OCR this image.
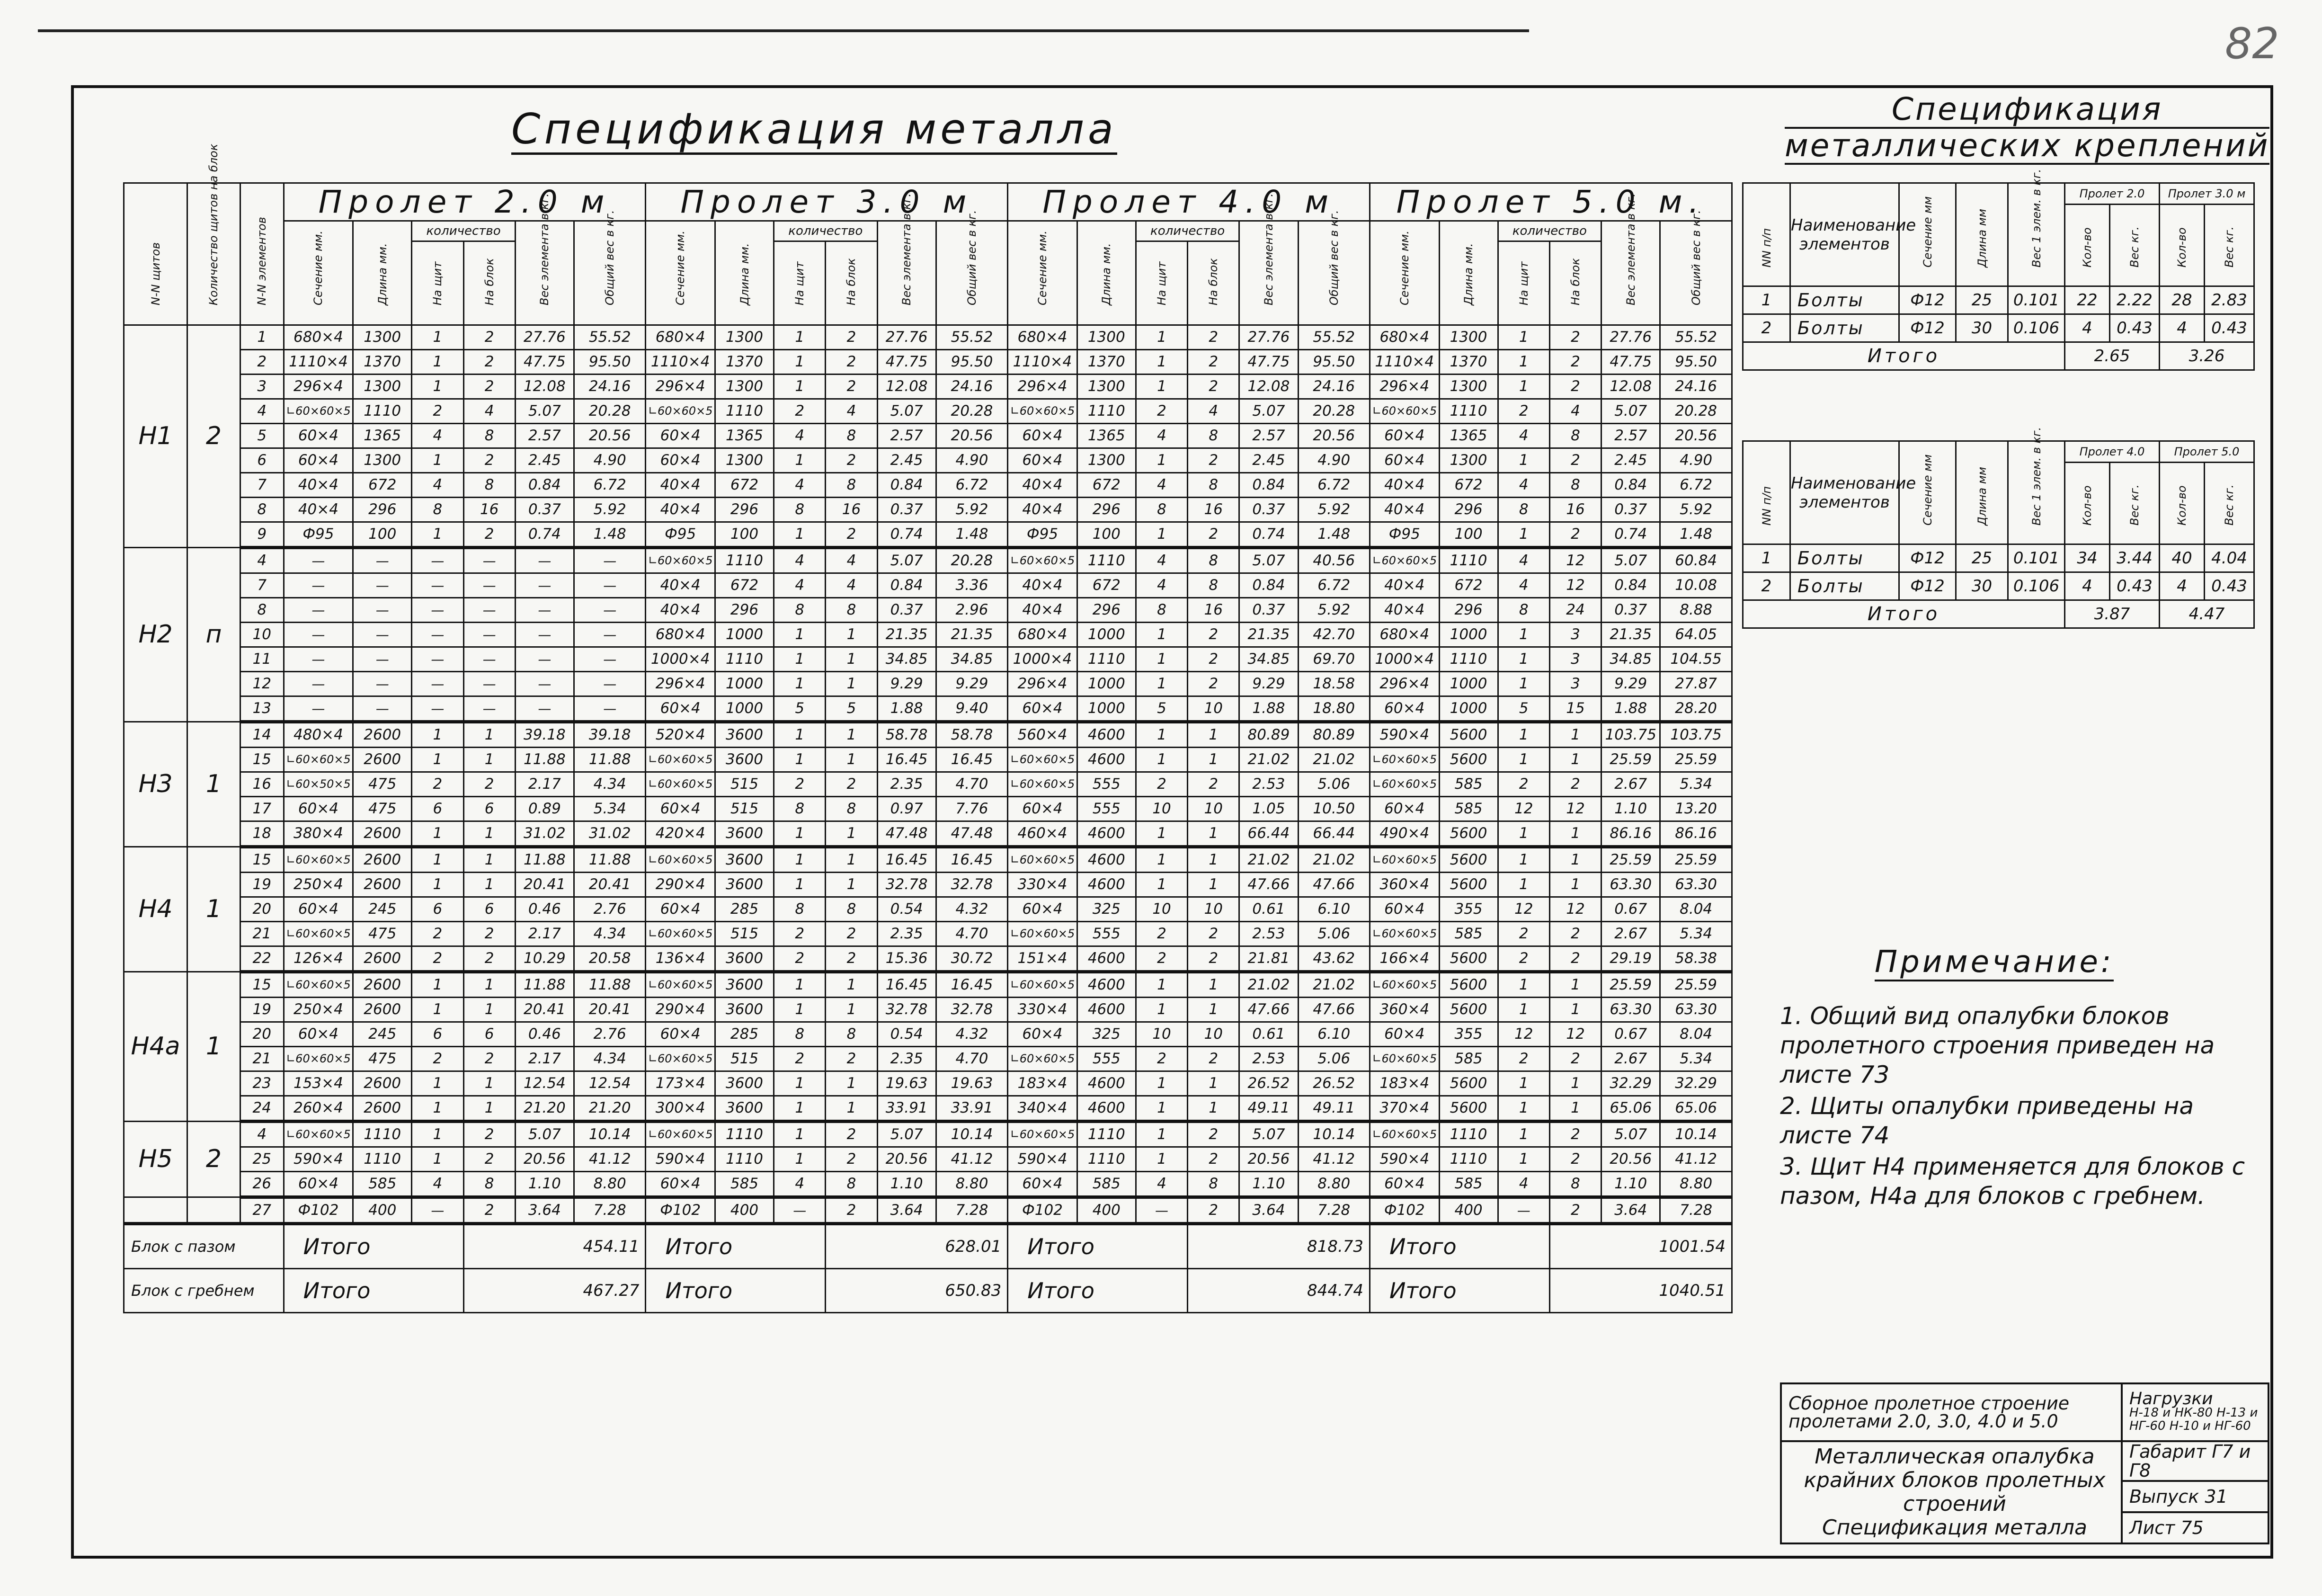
82
Спецификация металла	Спецификация
металлических креплений
N-N щитов	Количество щитов на блок	N-N элементов	Пролет 2.0 м						Пролет 3.0 м						Пролет 4.0 м						Пролет 5.0 м.					

			Сечение мм.	Длина мм.	количество		Вес элемента в кг.	Общий вес в кг.	Сечение мм.	Длина мм.	количество		Вес элемента в кг.	Общий вес в кг.	Сечение мм.	Длина мм.	количество		Вес элемента в кг.	Общий вес в кг.	Сечение мм.	Длина мм.	количество		Вес элемента в кг.	Общий вес в кг.

					На щит	На блок					На щит	На блок					На щит	На блок					На щит	На блок		

Н1	2	1	680×4	1300	1	2	27.76	55.52	680×4	1300	1	2	27.76	55.52	680×4	1300	1	2	27.76	55.52	680×4	1300	1	2	27.76	55.52
		2	1110×4	1370	1	2	47.75	95.50	1110×4	1370	1	2	47.75	95.50	1110×4	1370	1	2	47.75	95.50	1110×4	1370	1	2	47.75	95.50
		3	296×4	1300	1	2	12.08	24.16	296×4	1300	1	2	12.08	24.16	296×4	1300	1	2	12.08	24.16	296×4	1300	1	2	12.08	24.16
		4	∟60×60×5	1110	2	4	5.07	20.28	∟60×60×5	1110	2	4	5.07	20.28	∟60×60×5	1110	2	4	5.07	20.28	∟60×60×5	1110	2	4	5.07	20.28
		5	60×4	1365	4	8	2.57	20.56	60×4	1365	4	8	2.57	20.56	60×4	1365	4	8	2.57	20.56	60×4	1365	4	8	2.57	20.56
		6	60×4	1300	1	2	2.45	4.90	60×4	1300	1	2	2.45	4.90	60×4	1300	1	2	2.45	4.90	60×4	1300	1	2	2.45	4.90
		7	40×4	672	4	8	0.84	6.72	40×4	672	4	8	0.84	6.72	40×4	672	4	8	0.84	6.72	40×4	672	4	8	0.84	6.72
		8	40×4	296	8	16	0.37	5.92	40×4	296	8	16	0.37	5.92	40×4	296	8	16	0.37	5.92	40×4	296	8	16	0.37	5.92
		9	Ф95	100	1	2	0.74	1.48	Ф95	100	1	2	0.74	1.48	Ф95	100	1	2	0.74	1.48	Ф95	100	1	2	0.74	1.48
Н2	п	4	—	—	—	—	—	—	∟60×60×5	1110	4	4	5.07	20.28	∟60×60×5	1110	4	8	5.07	40.56	∟60×60×5	1110	4	12	5.07	60.84
		7	—	—	—	—	—	—	40×4	672	4	4	0.84	3.36	40×4	672	4	8	0.84	6.72	40×4	672	4	12	0.84	10.08
		8	—	—	—	—	—	—	40×4	296	8	8	0.37	2.96	40×4	296	8	16	0.37	5.92	40×4	296	8	24	0.37	8.88
		10	—	—	—	—	—	—	680×4	1000	1	1	21.35	21.35	680×4	1000	1	2	21.35	42.70	680×4	1000	1	3	21.35	64.05
		11	—	—	—	—	—	—	1000×4	1110	1	1	34.85	34.85	1000×4	1110	1	2	34.85	69.70	1000×4	1110	1	3	34.85	104.55
		12	—	—	—	—	—	—	296×4	1000	1	1	9.29	9.29	296×4	1000	1	2	9.29	18.58	296×4	1000	1	3	9.29	27.87
		13	—	—	—	—	—	—	60×4	1000	5	5	1.88	9.40	60×4	1000	5	10	1.88	18.80	60×4	1000	5	15	1.88	28.20
Н3	1	14	480×4	2600	1	1	39.18	39.18	520×4	3600	1	1	58.78	58.78	560×4	4600	1	1	80.89	80.89	590×4	5600	1	1	103.75	103.75
		15	∟60×60×5	2600	1	1	11.88	11.88	∟60×60×5	3600	1	1	16.45	16.45	∟60×60×5	4600	1	1	21.02	21.02	∟60×60×5	5600	1	1	25.59	25.59
		16	∟60×50×5	475	2	2	2.17	4.34	∟60×60×5	515	2	2	2.35	4.70	∟60×60×5	555	2	2	2.53	5.06	∟60×60×5	585	2	2	2.67	5.34
		17	60×4	475	6	6	0.89	5.34	60×4	515	8	8	0.97	7.76	60×4	555	10	10	1.05	10.50	60×4	585	12	12	1.10	13.20
		18	380×4	2600	1	1	31.02	31.02	420×4	3600	1	1	47.48	47.48	460×4	4600	1	1	66.44	66.44	490×4	5600	1	1	86.16	86.16
Н4	1	15	∟60×60×5	2600	1	1	11.88	11.88	∟60×60×5	3600	1	1	16.45	16.45	∟60×60×5	4600	1	1	21.02	21.02	∟60×60×5	5600	1	1	25.59	25.59
		19	250×4	2600	1	1	20.41	20.41	290×4	3600	1	1	32.78	32.78	330×4	4600	1	1	47.66	47.66	360×4	5600	1	1	63.30	63.30
		20	60×4	245	6	6	0.46	2.76	60×4	285	8	8	0.54	4.32	60×4	325	10	10	0.61	6.10	60×4	355	12	12	0.67	8.04
		21	∟60×60×5	475	2	2	2.17	4.34	∟60×60×5	515	2	2	2.35	4.70	∟60×60×5	555	2	2	2.53	5.06	∟60×60×5	585	2	2	2.67	5.34
		22	126×4	2600	2	2	10.29	20.58	136×4	3600	2	2	15.36	30.72	151×4	4600	2	2	21.81	43.62	166×4	5600	2	2	29.19	58.38
Н4а	1	15	∟60×60×5	2600	1	1	11.88	11.88	∟60×60×5	3600	1	1	16.45	16.45	∟60×60×5	4600	1	1	21.02	21.02	∟60×60×5	5600	1	1	25.59	25.59
		19	250×4	2600	1	1	20.41	20.41	290×4	3600	1	1	32.78	32.78	330×4	4600	1	1	47.66	47.66	360×4	5600	1	1	63.30	63.30
		20	60×4	245	6	6	0.46	2.76	60×4	285	8	8	0.54	4.32	60×4	325	10	10	0.61	6.10	60×4	355	12	12	0.67	8.04
		21	∟60×60×5	475	2	2	2.17	4.34	∟60×60×5	515	2	2	2.35	4.70	∟60×60×5	555	2	2	2.53	5.06	∟60×60×5	585	2	2	2.67	5.34
		23	153×4	2600	1	1	12.54	12.54	173×4	3600	1	1	19.63	19.63	183×4	4600	1	1	26.52	26.52	183×4	5600	1	1	32.29	32.29
		24	260×4	2600	1	1	21.20	21.20	300×4	3600	1	1	33.91	33.91	340×4	4600	1	1	49.11	49.11	370×4	5600	1	1	65.06	65.06
Н5	2	4	∟60×60×5	1110	1	2	5.07	10.14	∟60×60×5	1110	1	2	5.07	10.14	∟60×60×5	1110	1	2	5.07	10.14	∟60×60×5	1110	1	2	5.07	10.14
		25	590×4	1110	1	2	20.56	41.12	590×4	1110	1	2	20.56	41.12	590×4	1110	1	2	20.56	41.12	590×4	1110	1	2	20.56	41.12
		26	60×4	585	4	8	1.10	8.80	60×4	585	4	8	1.10	8.80	60×4	585	4	8	1.10	8.80	60×4	585	4	8	1.10	8.80
		27	Ф102	400	—	2	3.64	7.28	Ф102	400	—	2	3.64	7.28	Ф102	400	—	2	3.64	7.28	Ф102	400	—	2	3.64	7.28
Блок с пазом			Итого			454.11			Итого			628.01			Итого			818.73			Итого			1001.54		
Блок с гребнем			Итого			467.27			Итого			650.83			Итого			844.74			Итого			1040.51		
NN п/п	Наименование элементов	Сечение мм	Длина мм	Вес 1 элем. в кг.	Пролет 2.0		Пролет 3.0 м	

					Кол-во	Вес кг.	Кол-во	Вес кг.

1	Болты	Ф12	25	0.101	22	2.22	28	2.83
2	Болты	Ф12	30	0.106	4	0.43	4	0.43
Итого					2.65		3.26	
NN п/п	Наименование элементов	Сечение мм	Длина мм	Вес 1 элем. в кг.	Пролет 4.0		Пролет 5.0	

					Кол-во	Вес кг.	Кол-во	Вес кг.

1	Болты	Ф12	25	0.101	34	3.44	40	4.04
2	Болты	Ф12	30	0.106	4	0.43	4	0.43
Итого					3.87		4.47	
Примечание:

1. Общий вид опалубки блоков пролетного строения приведен на листе 73

2. Щиты опалубки приведены на листе 74

3. Щит Н4 применяется для блоков с пазом, Н4а для блоков с гребнем.

Сборное пролетное строение пролетами 2.0, 3.0, 4.0 и 5.0	Нагрузки
Н-18 и НК-80 Н-13 и НГ-60 Н-10 и НГ-60

Металлическая опалубка крайних блоков пролетных строений
Спецификация металла	Габарит Г7 и Г8
	Выпуск 31
	Лист 75
